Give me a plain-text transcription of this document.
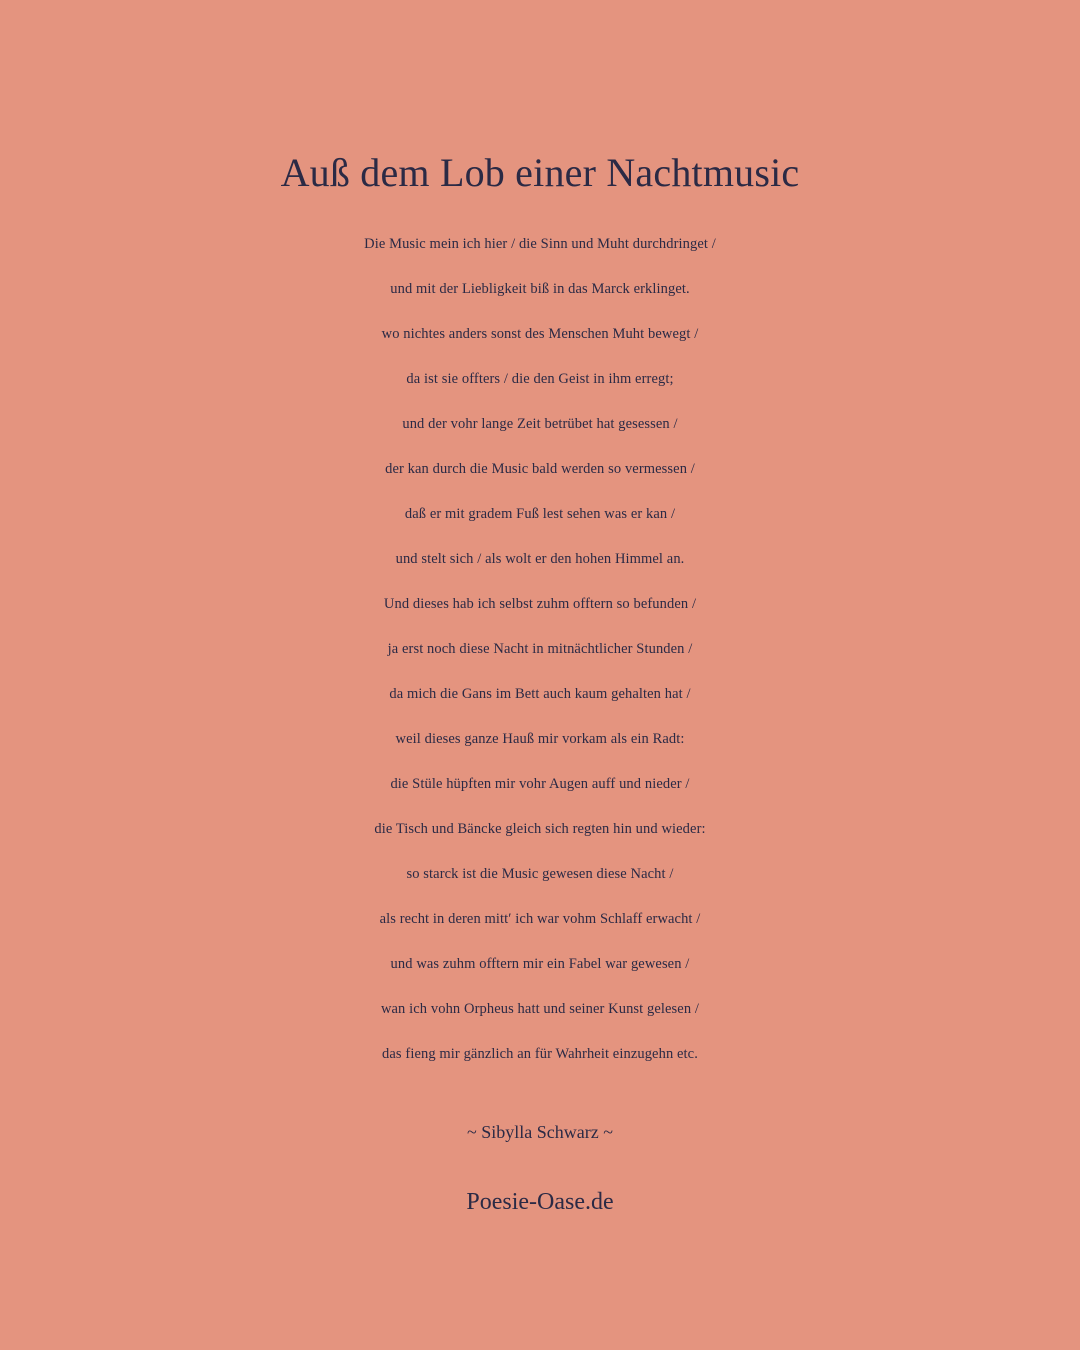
Auß dem Lob einer Nachtmusic
Die Music mein ich hier / die Sinn und Muht durchdringet /
und mit der Liebligkeit biß in das Marck erklinget.
wo nichtes anders sonst des Menschen Muht bewegt /
da ist sie offters / die den Geist in ihm erregt;
und der vohr lange Zeit betrübet hat gesessen /
der kan durch die Music bald werden so vermessen /
daß er mit gradem Fuß lest sehen was er kan /
und stelt sich / als wolt er den hohen Himmel an.
Und dieses hab ich selbst zuhm offtern so befunden /
ja erst noch diese Nacht in mitnächtlicher Stunden /
da mich die Gans im Bett auch kaum gehalten hat /
weil dieses ganze Hauß mir vorkam als ein Radt:
die Stüle hüpften mir vohr Augen auff und nieder /
die Tisch und Bäncke gleich sich regten hin und wieder:
so starck ist die Music gewesen diese Nacht /
als recht in deren mitt′ ich war vohm Schlaff erwacht /
und was zuhm offtern mir ein Fabel war gewesen /
wan ich vohn Orpheus hatt und seiner Kunst gelesen /
das fieng mir gänzlich an für Wahrheit einzugehn etc.

~ Sibylla Schwarz ~

Poesie-Oase.de
